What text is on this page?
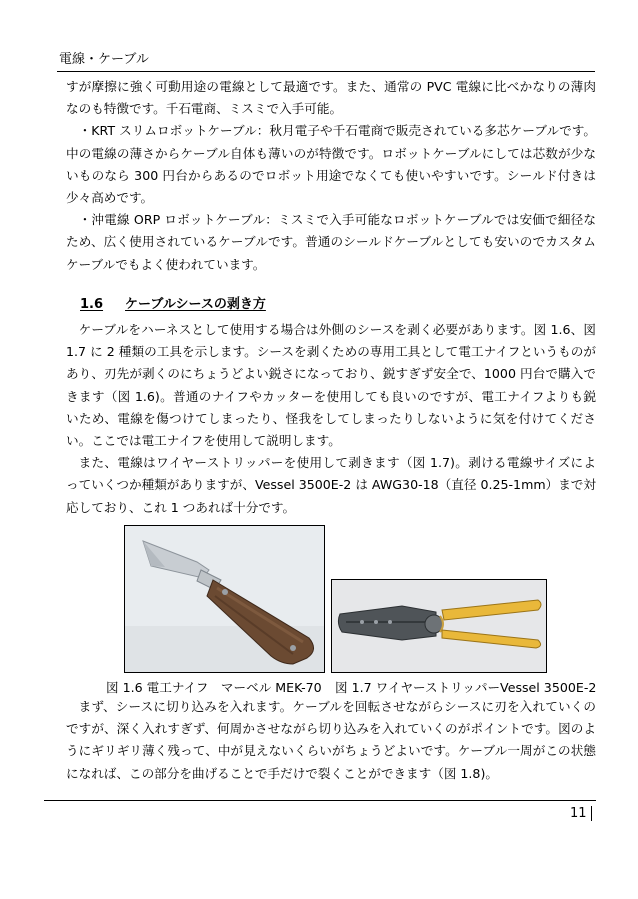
電線・ケーブル

すが摩擦に強く可動用途の電線として最適です。また、通常の PVC 電線に比べかなりの薄肉なのも特徴です。千石電商、ミスミで入手可能。

・KRT スリムロボットケーブル：秋月電子や千石電商で販売されている多芯ケーブルです。中の電線の薄さからケーブル自体も薄いのが特徴です。ロボットケーブルにしては芯数が少ないものなら 300 円台からあるのでロボット用途でなくても使いやすいです。シールド付きは少々高めです。

・沖電線 ORP ロボットケーブル：ミスミで入手可能なロボットケーブルでは安価で細径なため、広く使用されているケーブルです。普通のシールドケーブルとしても安いのでカスタムケーブルでもよく使われています。

1.6 ケーブルシースの剥き方

ケーブルをハーネスとして使用する場合は外側のシースを剥く必要があります。図 1.6、図 1.7 に 2 種類の工具を示します。シースを剥くための専用工具として電工ナイフというものがあり、刃先が剥くのにちょうどよい鋭さになっており、鋭すぎず安全で、1000 円台で購入できます（図 1.6)。普通のナイフやカッターを使用しても良いのですが、電工ナイフよりも鋭いため、電線を傷つけてしまったり、怪我をしてしまったりしないように気を付けてください。ここでは電工ナイフを使用して説明します。

また、電線はワイヤーストリッパーを使用して剥きます（図 1.7)。剥ける電線サイズによっていくつか種類がありますが、Vessel 3500E-2 は AWG30-18（直径 0.25-1mm）まで対応しており、これ 1 つあれば十分です。

図 1.6 電工ナイフ　マーベル MEK-70 図 1.7 ワイヤーストリッパーVessel 3500E-2

まず、シースに切り込みを入れます。ケーブルを回転させながらシースに刃を入れていくのですが、深く入れすぎず、何周かさせながら切り込みを入れていくのがポイントです。図のようにギリギリ薄く残って、中が見えないくらいがちょうどよいです。ケーブル一周がこの状態になれば、この部分を曲げることで手だけで裂くことができます（図 1.8)。

11
